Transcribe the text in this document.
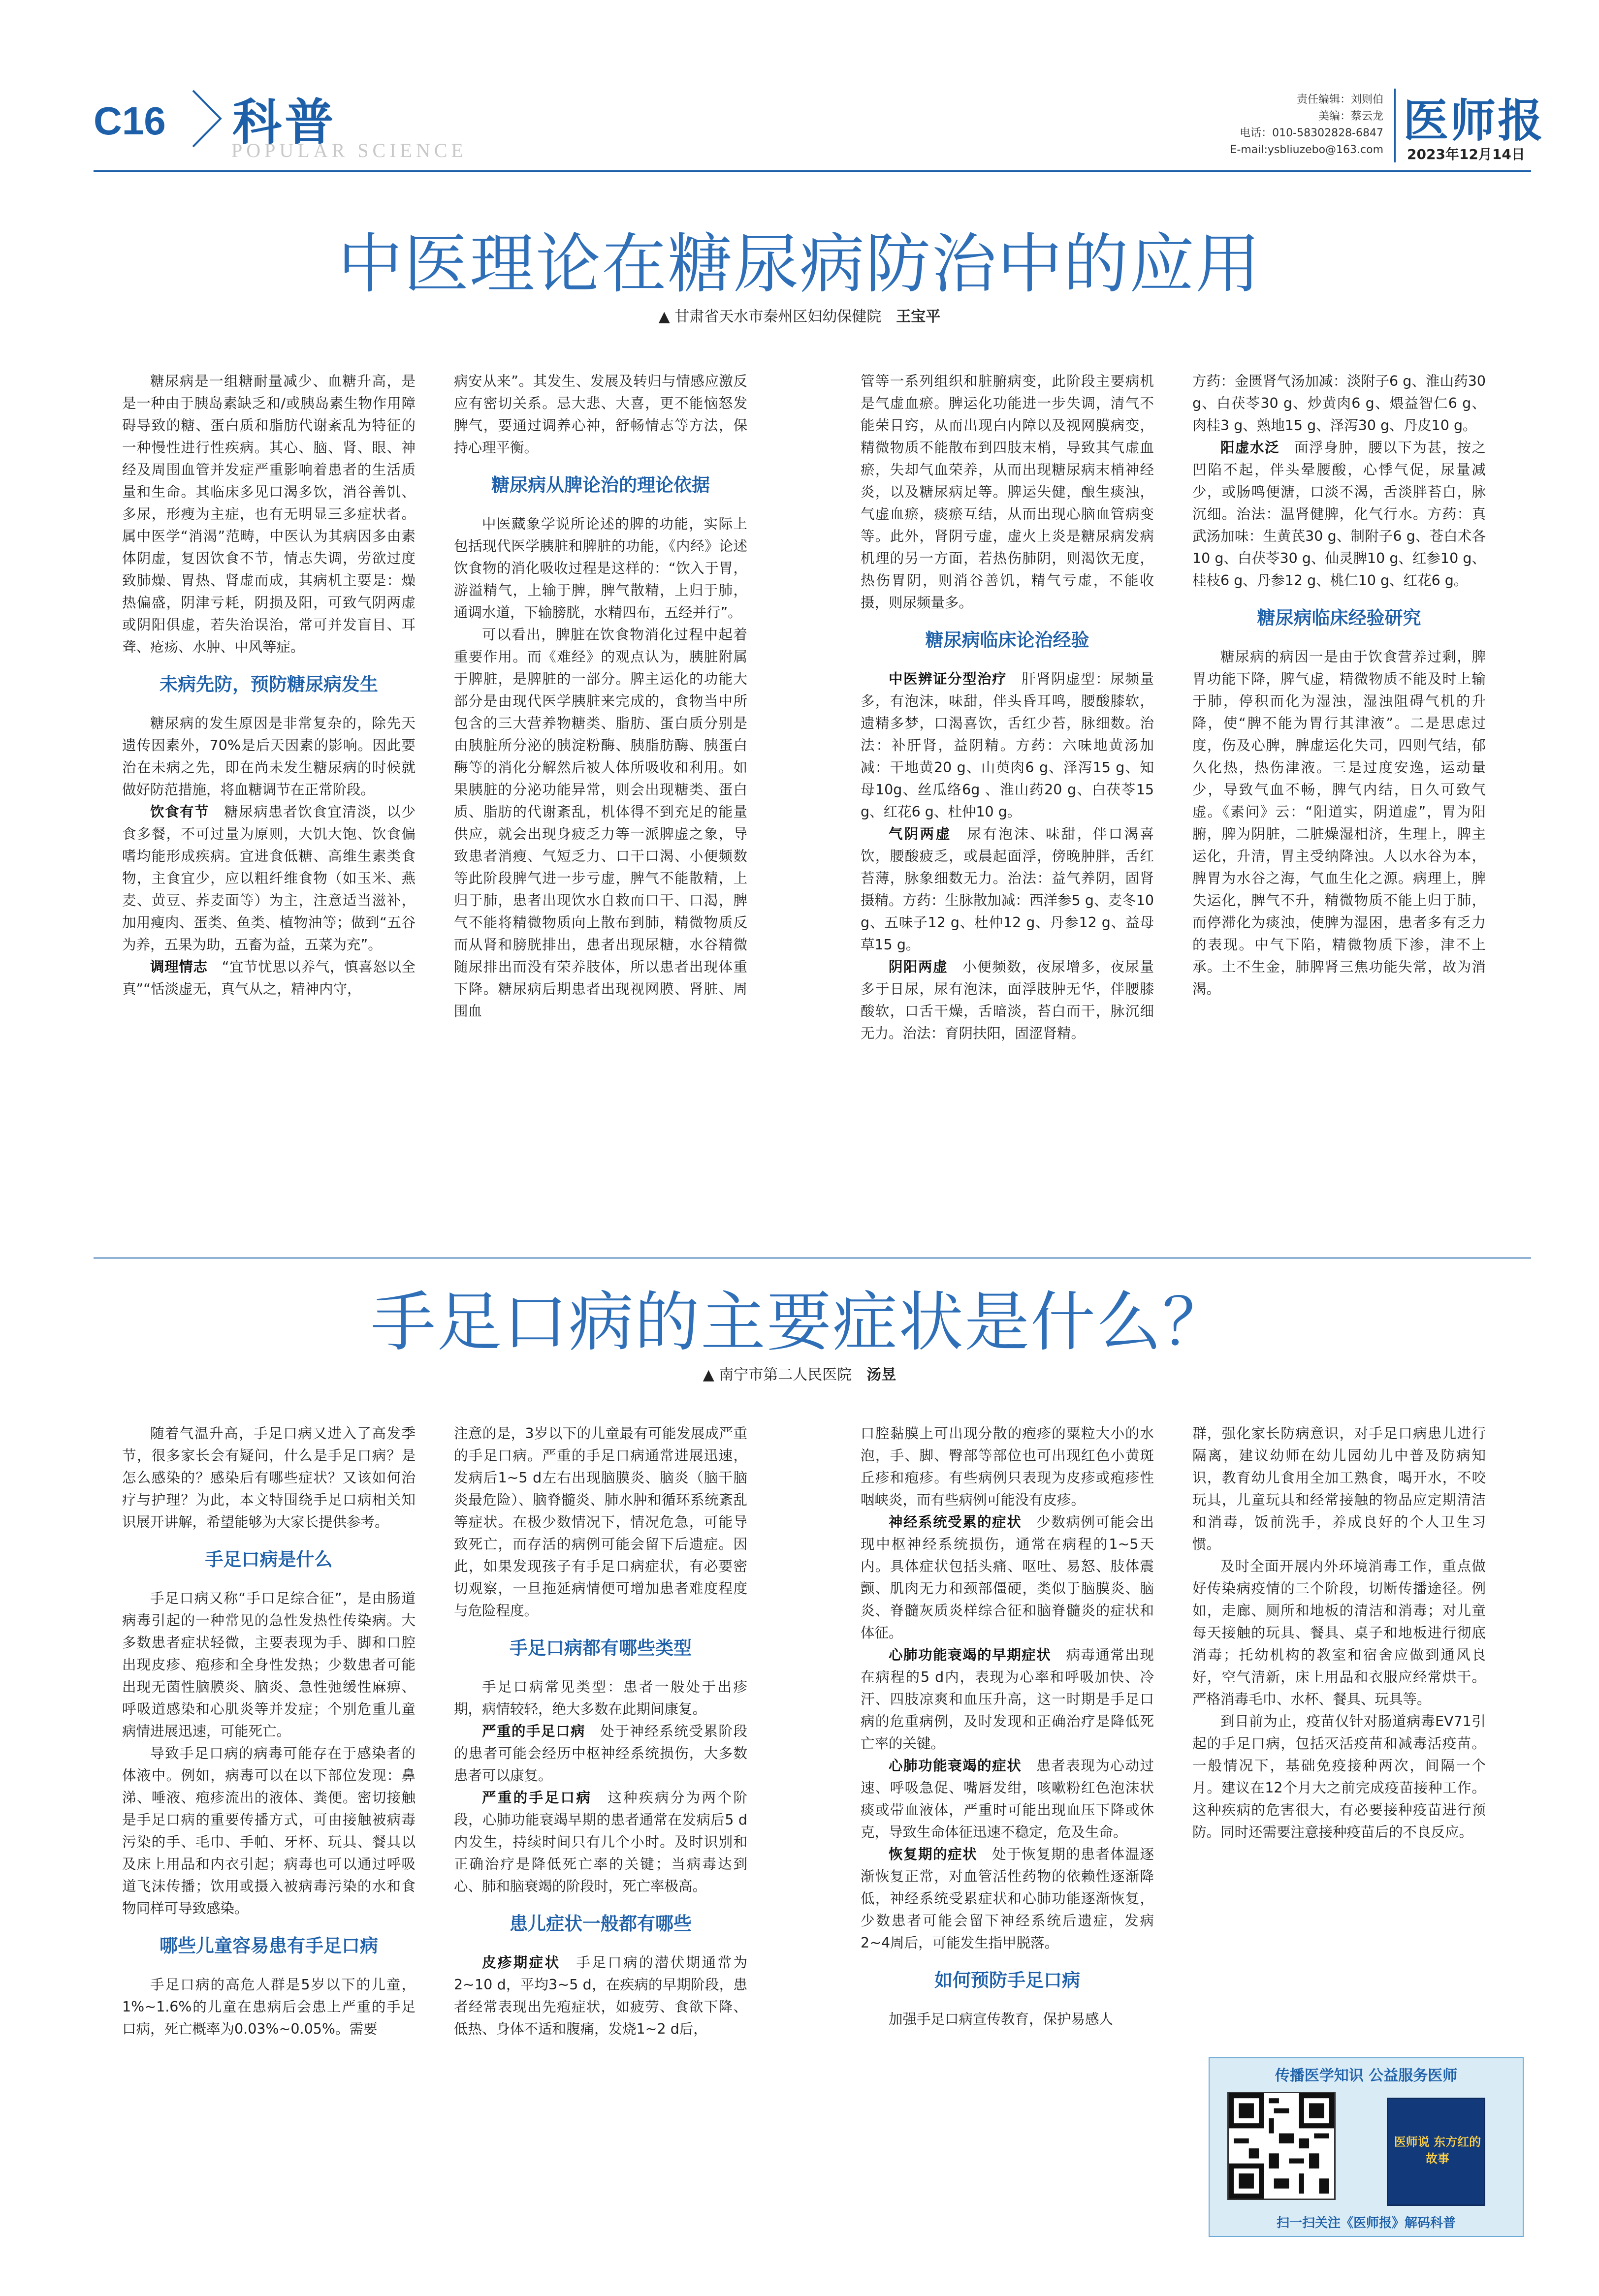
C16 科普
POPULAR SCIENCE
责任编辑：刘则伯
美编：蔡云龙
电话：010-58302828-6847
E-mail:ysbliuzebo@163.com
医师报
2023年12月14日
中医理论在糖尿病防治中的应用
▲ 甘肃省天水市秦州区妇幼保健院　 王宝平

糖尿病是一组糖耐量减少、血糖升高，是是一种由于胰岛素缺乏和/或胰岛素生物作用障碍导致的糖、蛋白质和脂肪代谢紊乱为特征的一种慢性进行性疾病。其心、脑、肾、眼、神经及周围血管并发症严重影响着患者的生活质量和生命。其临床多见口渴多饮，消谷善饥、多尿，形瘦为主症，也有无明显三多症状者。属中医学“消渴”范畴，中医认为其病因多由素体阴虚，复因饮食不节，情志失调，劳欲过度致肺燥、胃热、肾虚而成，其病机主要是：燥热偏盛，阴津亏耗，阴损及阳，可致气阴两虚或阴阳俱虚，若失治误治，常可并发盲目、耳聋、疮疡、水肿、中风等症。

未病先防，预防糖尿病发生

糖尿病的发生原因是非常复杂的，除先天遗传因素外，70%是后天因素的影响。因此要治在未病之先，即在尚未发生糖尿病的时候就做好防范措施，将血糖调节在正常阶段。

饮食有节　 糖尿病患者饮食宜清淡，以少食多餐，不可过量为原则，大饥大饱、饮食偏嗜均能形成疾病。宜进食低糖、高维生素类食物，主食宜少，应以粗纤维食物（如玉米、燕麦、黄豆、荞麦面等）为主，注意适当滋补，加用瘦肉、蛋类、鱼类、植物油等；做到“五谷为养，五果为助，五畜为益，五菜为充”。

调理情志　 “宜节忧思以养气，慎喜怒以全真”“恬淡虚无，真气从之，精神内守，

病安从来”。其发生、发展及转归与情感应激反应有密切关系。忌大悲、大喜，更不能恼怒发脾气，要通过调养心神，舒畅情志等方法，保持心理平衡。

糖尿病从脾论治的理论依据

中医藏象学说所论述的脾的功能，实际上包括现代医学胰脏和脾脏的功能，《内经》论述饮食物的消化吸收过程是这样的：“饮入于胃，游溢精气，上输于脾，脾气散精，上归于肺，通调水道，下输膀胱，水精四布，五经并行”。

可以看出，脾脏在饮食物消化过程中起着重要作用。而《难经》的观点认为，胰脏附属于脾脏，是脾脏的一部分。脾主运化的功能大部分是由现代医学胰脏来完成的，食物当中所包含的三大营养物糖类、脂肪、蛋白质分别是由胰脏所分泌的胰淀粉酶、胰脂肪酶、胰蛋白酶等的消化分解然后被人体所吸收和利用。如果胰脏的分泌功能异常，则会出现糖类、蛋白质、脂肪的代谢紊乱，机体得不到充足的能量供应，就会出现身疲乏力等一派脾虚之象，导致患者消瘦、气短乏力、口干口渴、小便频数等此阶段脾气进一步亏虚，脾气不能散精，上归于肺，患者出现饮水自救而口干、口渴，脾气不能将精微物质向上散布到肺，精微物质反而从肾和膀胱排出，患者出现尿糖，水谷精微随尿排出而没有荣养肢体，所以患者出现体重下降。糖尿病后期患者出现视网膜、肾脏、周围血

管等一系列组织和脏腑病变，此阶段主要病机是气虚血瘀。脾运化功能进一步失调，清气不能荣目窍，从而出现白内障以及视网膜病变，精微物质不能散布到四肢末梢，导致其气虚血瘀，失却气血荣养，从而出现糖尿病末梢神经炎，以及糖尿病足等。脾运失健，酿生痰浊，气虚血瘀，痰瘀互结，从而出现心脑血管病变等。此外，肾阴亏虚，虚火上炎是糖尿病发病机理的另一方面，若热伤肺阴，则渴饮无度，热伤胃阴，则消谷善饥，精气亏虚，不能收摄，则尿频量多。

糖尿病临床论治经验

中医辨证分型治疗　 肝肾阴虚型：尿频量多，有泡沫，味甜，伴头昏耳鸣，腰酸膝软，遗精多梦，口渴喜饮，舌红少苔，脉细数。治法：补肝肾，益阴精。方药：六味地黄汤加减：干地黄20 g、山萸肉6 g、泽泻15 g、知母10g、丝瓜络6g 、淮山药20 g、白茯苓15 g、红花6 g、杜仲10 g。

气阴两虚　 尿有泡沫、味甜，伴口渴喜饮，腰酸疲乏，或晨起面浮，傍晚肿胖，舌红苔薄，脉象细数无力。治法：益气养阴，固肾摄精。方药：生脉散加减：西洋参5 g、麦冬10 g、五味子12 g、杜仲12 g、丹参12 g、益母草15 g。

阴阳两虚　 小便频数，夜尿增多，夜尿量多于日尿，尿有泡沫，面浮肢肿无华，伴腰膝酸软，口舌干燥，舌暗淡，苔白而干，脉沉细无力。治法：育阴扶阳，固涩肾精。

方药：金匮肾气汤加减：淡附子6 g、淮山药30 g、白茯苓30 g、炒黄肉6 g、煨益智仁6 g、肉桂3 g、熟地15 g、泽泻30 g、丹皮10 g。

阳虚水泛　 面浮身肿，腰以下为甚，按之凹陷不起，伴头晕腰酸，心悸气促，尿量减少，或肠鸣便溏，口淡不渴，舌淡胖苔白，脉沉细。治法：温肾健脾，化气行水。方药：真武汤加味：生黄芪30 g、制附子6 g、苍白术各10 g、白茯苓30 g、仙灵脾10 g、红参10 g、桂枝6 g、丹参12 g、桃仁10 g、红花6 g。

糖尿病临床经验研究

糖尿病的病因一是由于饮食营养过剩，脾胃功能下降，脾气虚，精微物质不能及时上输于肺，停积而化为湿浊，湿浊阻碍气机的升降，使“脾不能为胃行其津液”。二是思虑过度，伤及心脾，脾虚运化失司，四则气结，郁久化热，热伤津液。三是过度安逸，运动量少，导致气血不畅，脾气内结，日久可致气虚。《素问》云：“阳道实，阴道虚”，胃为阳腑，脾为阴脏，二脏燥湿相济，生理上，脾主运化，升清，胃主受纳降浊。人以水谷为本，脾胃为水谷之海，气血生化之源。病理上，脾失运化，脾气不升，精微物质不能上归于肺，而停滞化为痰浊，使脾为湿困，患者多有乏力的表现。中气下陷，精微物质下渗，津不上承。土不生金，肺脾肾三焦功能失常，故为消渴。

手足口病的主要症状是什么？
▲ 南宁市第二人民医院　 汤昱

随着气温升高，手足口病又进入了高发季节，很多家长会有疑问，什么是手足口病？是怎么感染的？感染后有哪些症状？又该如何治疗与护理？为此，本文特围绕手足口病相关知识展开讲解，希望能够为大家长提供参考。

手足口病是什么

手足口病又称“手口足综合征”，是由肠道病毒引起的一种常见的急性发热性传染病。大多数患者症状轻微，主要表现为手、脚和口腔出现皮疹、疱疹和全身性发热；少数患者可能出现无菌性脑膜炎、脑炎、急性弛缓性麻痹、呼吸道感染和心肌炎等并发症；个别危重儿童病情进展迅速，可能死亡。

导致手足口病的病毒可能存在于感染者的体液中。例如，病毒可以在以下部位发现：鼻涕、唾液、疱疹流出的液体、粪便。密切接触是手足口病的重要传播方式，可由接触被病毒污染的手、毛巾、手帕、牙杯、玩具、餐具以及床上用品和内衣引起；病毒也可以通过呼吸道飞沫传播；饮用或摄入被病毒污染的水和食物同样可导致感染。

哪些儿童容易患有手足口病

手足口病的高危人群是5岁以下的儿童，1%~1.6%的儿童在患病后会患上严重的手足口病，死亡概率为0.03%~0.05%。需要

注意的是，3岁以下的儿童最有可能发展成严重的手足口病。严重的手足口病通常进展迅速，发病后1~5 d左右出现脑膜炎、脑炎（脑干脑炎最危险）、脑脊髓炎、肺水肿和循环系统紊乱等症状。在极少数情况下，情况危急，可能导致死亡，而存活的病例可能会留下后遗症。因此，如果发现孩子有手足口病症状，有必要密切观察，一旦拖延病情便可增加患者难度程度与危险程度。

手足口病都有哪些类型

手足口病常见类型：患者一般处于出疹期，病情较轻，绝大多数在此期间康复。

严重的手足口病　 处于神经系统受累阶段的患者可能会经历中枢神经系统损伤，大多数患者可以康复。

严重的手足口病　 这种疾病分为两个阶段，心肺功能衰竭早期的患者通常在发病后5 d内发生，持续时间只有几个小时。及时识别和正确治疗是降低死亡率的关键；当病毒达到心、肺和脑衰竭的阶段时，死亡率极高。

患儿症状一般都有哪些

皮疹期症状　 手足口病的潜伏期通常为2~10 d，平均3~5 d，在疾病的早期阶段，患者经常表现出先疱症状，如疲劳、食欲下降、低热、身体不适和腹痛，发烧1~2 d后，

口腔黏膜上可出现分散的疱疹的粟粒大小的水泡，手、脚、臀部等部位也可出现红色小黄斑丘疹和疱疹。有些病例只表现为皮疹或疱疹性咽峡炎，而有些病例可能没有皮疹。

神经系统受累的症状　 少数病例可能会出现中枢神经系统损伤，通常在病程的1~5天内。具体症状包括头痛、呕吐、易怒、肢体震颤、肌肉无力和颈部僵硬，类似于脑膜炎、脑炎、脊髓灰质炎样综合征和脑脊髓炎的症状和体征。

心肺功能衰竭的早期症状　 病毒通常出现在病程的5 d内，表现为心率和呼吸加快、冷汗、四肢凉爽和血压升高，这一时期是手足口病的危重病例，及时发现和正确治疗是降低死亡率的关键。

心肺功能衰竭的症状　 患者表现为心动过速、呼吸急促、嘴唇发绀，咳嗽粉红色泡沫状痰或带血液体，严重时可能出现血压下降或休克，导致生命体征迅速不稳定，危及生命。

恢复期的症状　 处于恢复期的患者体温逐渐恢复正常，对血管活性药物的依赖性逐渐降低，神经系统受累症状和心肺功能逐渐恢复，少数患者可能会留下神经系统后遗症，发病2~4周后，可能发生指甲脱落。

如何预防手足口病

加强手足口病宣传教育，保护易感人

群，强化家长防病意识，对手足口病患儿进行隔离，建议幼师在幼儿园幼儿中普及防病知识，教育幼儿食用全加工熟食，喝开水，不咬玩具，儿童玩具和经常接触的物品应定期清洁和消毒，饭前洗手，养成良好的个人卫生习惯。

及时全面开展内外环境消毒工作，重点做好传染病疫情的三个阶段，切断传播途径。例如，走廊、厕所和地板的清洁和消毒；对儿童每天接触的玩具、餐具、桌子和地板进行彻底消毒；托幼机构的教室和宿舍应做到通风良好，空气清新，床上用品和衣服应经常烘干。严格消毒毛巾、水杯、餐具、玩具等。

到目前为止，疫苗仅针对肠道病毒EV71引起的手足口病，包括灭活疫苗和减毒活疫苗。一般情况下，基础免疫接种两次，间隔一个月。建议在12个月大之前完成疫苗接种工作。这种疾病的危害很大，有必要接种疫苗进行预防。同时还需要注意接种疫苗后的不良反应。

传播医学知识 公益服务医师
医师说 东方红的故事
扫一扫关注《医师报》解码科普
